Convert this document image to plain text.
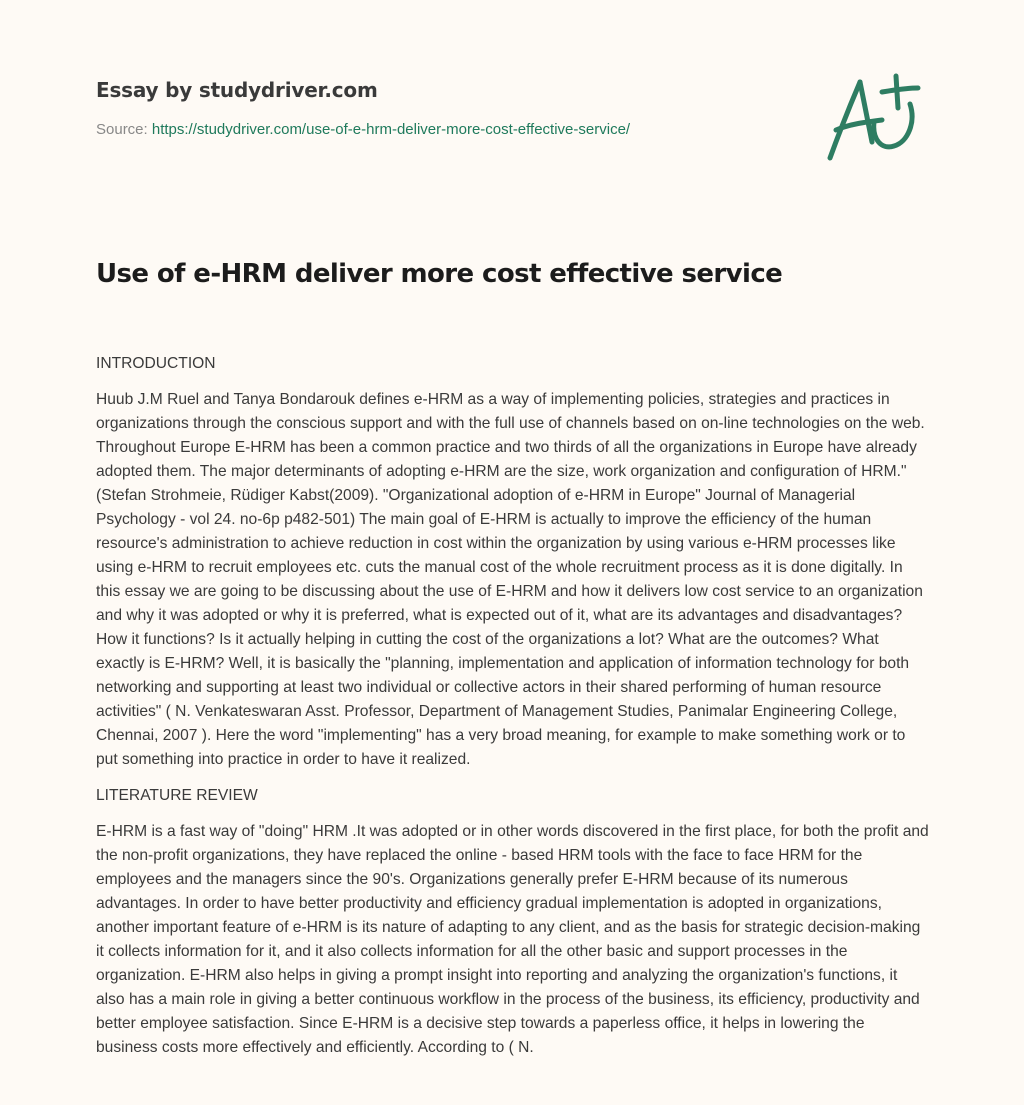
Essay by studydriver.com
Source: https://studydriver.com/use-of-e-hrm-deliver-more-cost-effective-service/
Use of e-HRM deliver more cost effective service
INTRODUCTION

Huub J.M Ruel and Tanya Bondarouk defines e-HRM as a way of implementing policies, strategies and practices in organizations through the conscious support and with the full use of channels based on on-line technologies on the web. Throughout Europe E-HRM has been a common practice and two thirds of all the organizations in Europe have already adopted them. The major determinants of adopting e-HRM are the size, work organization and configuration of HRM." (Stefan Strohmeie, Rüdiger Kabst(2009). "Organizational adoption of e-HRM in Europe" Journal of Managerial Psychology - vol 24. no-6p p482-501) The main goal of E-HRM is actually to improve the efficiency of the human resource's administration to achieve reduction in cost within the organization by using various e-HRM processes like using e-HRM to recruit employees etc. cuts the manual cost of the whole recruitment process as it is done digitally. In this essay we are going to be discussing about the use of E-HRM and how it delivers low cost service to an organization and why it was adopted or why it is preferred, what is expected out of it, what are its advantages and disadvantages? How it functions? Is it actually helping in cutting the cost of the organizations a lot? What are the outcomes? What exactly is E-HRM? Well, it is basically the "planning, implementation and application of information technology for both networking and supporting at least two individual or collective actors in their shared performing of human resource activities" ( N. Venkateswaran Asst. Professor, Department of Management Studies, Panimalar Engineering College, Chennai, 2007 ). Here the word "implementing" has a very broad meaning, for example to make something work or to put something into practice in order to have it realized.

LITERATURE REVIEW

E-HRM is a fast way of "doing" HRM .It was adopted or in other words discovered in the first place, for both the profit and the non-profit organizations, they have replaced the online - based HRM tools with the face to face HRM for the employees and the managers since the 90's. Organizations generally prefer E-HRM because of its numerous advantages. In order to have better productivity and efficiency gradual implementation is adopted in organizations, another important feature of e-HRM is its nature of adapting to any client, and as the basis for strategic decision-making it collects information for it, and it also collects information for all the other basic and support processes in the organization. E-HRM also helps in giving a prompt insight into reporting and analyzing the organization's functions, it also has a main role in giving a better continuous workflow in the process of the business, its efficiency, productivity and better employee satisfaction. Since E-HRM is a decisive step towards a paperless office, it helps in lowering the business costs more effectively and efficiently. According to ( N.
